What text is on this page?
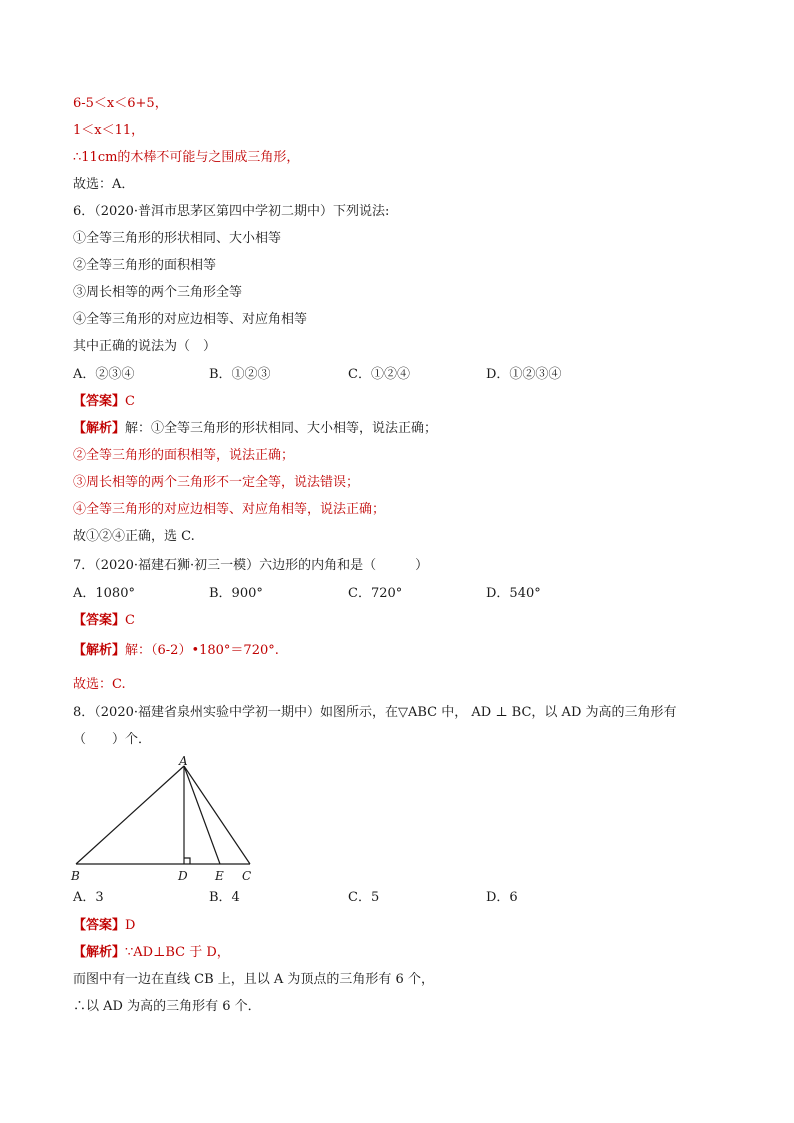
6-5＜x＜6+5，
1＜x＜11，
∴11cm的木棒不可能与之围成三角形，
故选：A．
6．（2020·普洱市思茅区第四中学初二期中）下列说法:
①全等三角形的形状相同、大小相等
②全等三角形的面积相等
③周长相等的两个三角形全等
④全等三角形的对应边相等、对应角相等
其中正确的说法为（　）
A．②③④	B．①②③	C．①②④	D．①②③④
【答案】C
【解析】解：①全等三角形的形状相同、大小相等，说法正确；
②全等三角形的面积相等，说法正确；
③周长相等的两个三角形不一定全等，说法错误；
④全等三角形的对应边相等、对应角相等，说法正确；
故①②④正确，选 C.
7．（2020·福建石狮·初三一模）六边形的内角和是（　　　）
A．1080°	B．900°	C．720°	D．540°
【答案】C
【解析】解：（6-2）•180°＝720°.
故选：C.
8．（2020·福建省泉州实验中学初一期中）如图所示，在▽ABC 中， AD ⊥ BC，以 AD 为高的三角形有
（　　）个．
A
B	D E C
A．3	B．4	C．5	D．6
【答案】D
【解析】∵AD⊥BC 于 D，
而图中有一边在直线 CB 上，且以 A 为顶点的三角形有 6 个，
∴以 AD 为高的三角形有 6 个．
